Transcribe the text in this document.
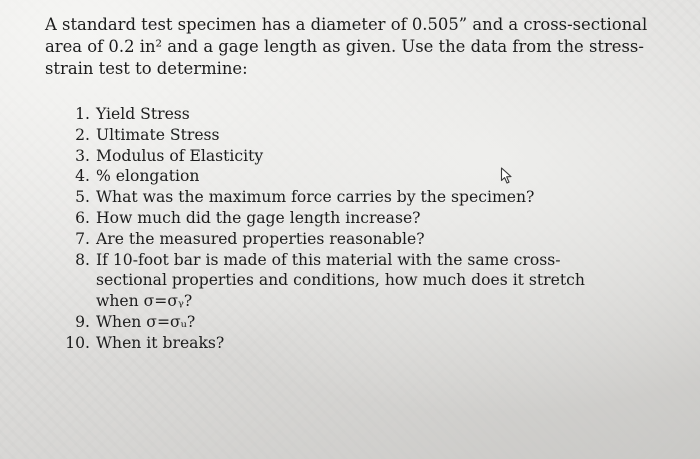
A standard test specimen has a diameter of 0.505” and a cross-sectional area of 0.2 in² and a gage length as given. Use the data from the stress-strain test to determine:

1. Yield Stress
2. Ultimate Stress
3. Modulus of Elasticity
4. % elongation
5. What was the maximum force carries by the specimen?
6. How much did the gage length increase?
7. Are the measured properties reasonable?
8. If 10-foot bar is made of this material with the same cross-sectional properties and conditions, how much does it stretch when σ=σᵧ?
9. When σ=σᵤ?
10. When it breaks?
